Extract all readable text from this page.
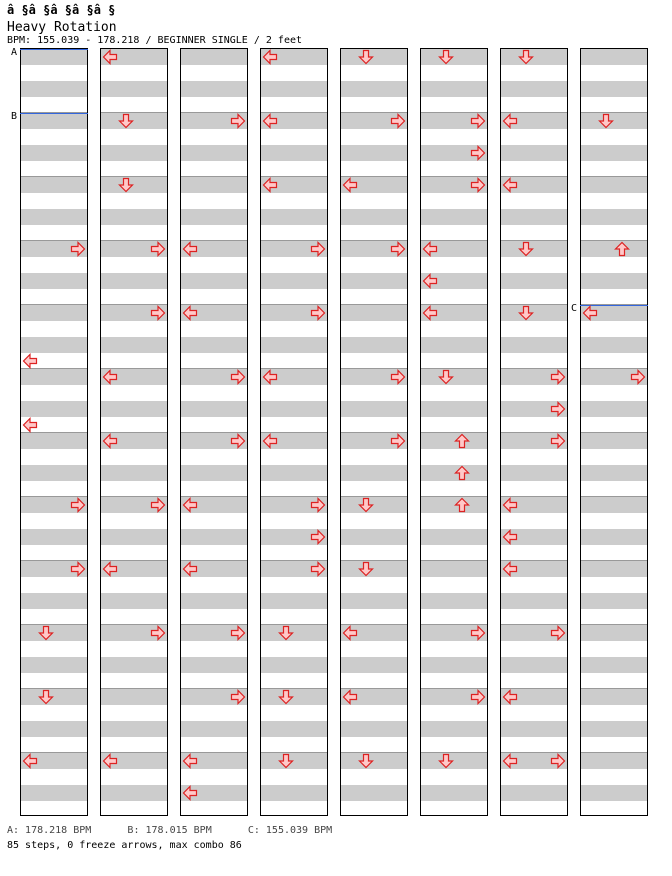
â §â §â §â §â §
Heavy Rotation
BPM: 155.039 - 178.218 / BEGINNER SINGLE / 2 feet
A
B
C
A: 178.218 BPM	B: 178.015 BPM	C: 155.039 BPM
85 steps, 0 freeze arrows, max combo 86
